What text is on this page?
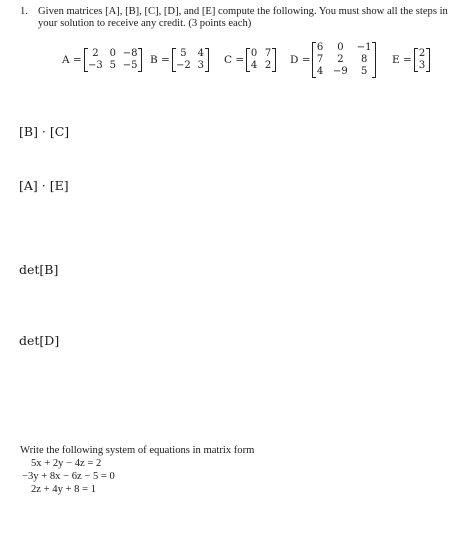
1. Given matrices [A], [B], [C], [D], and [E] compute the following. You must show all the steps in
your solution to receive any credit. (3 points each)
A =
2	0 −8
−3 5 −5 B =
5	4
−2 3 C =
0 7
4 2 D =
6	0	−1
7	2	8
4 −9	5
E =
2
3
[B] · [C]
[A] · [E]
det[B]
det[D]
Write the following system of equations in matrix form
5x + 2y − 4z = 2
−3y + 8x − 6z − 5 = 0
2z + 4y + 8 = 1
